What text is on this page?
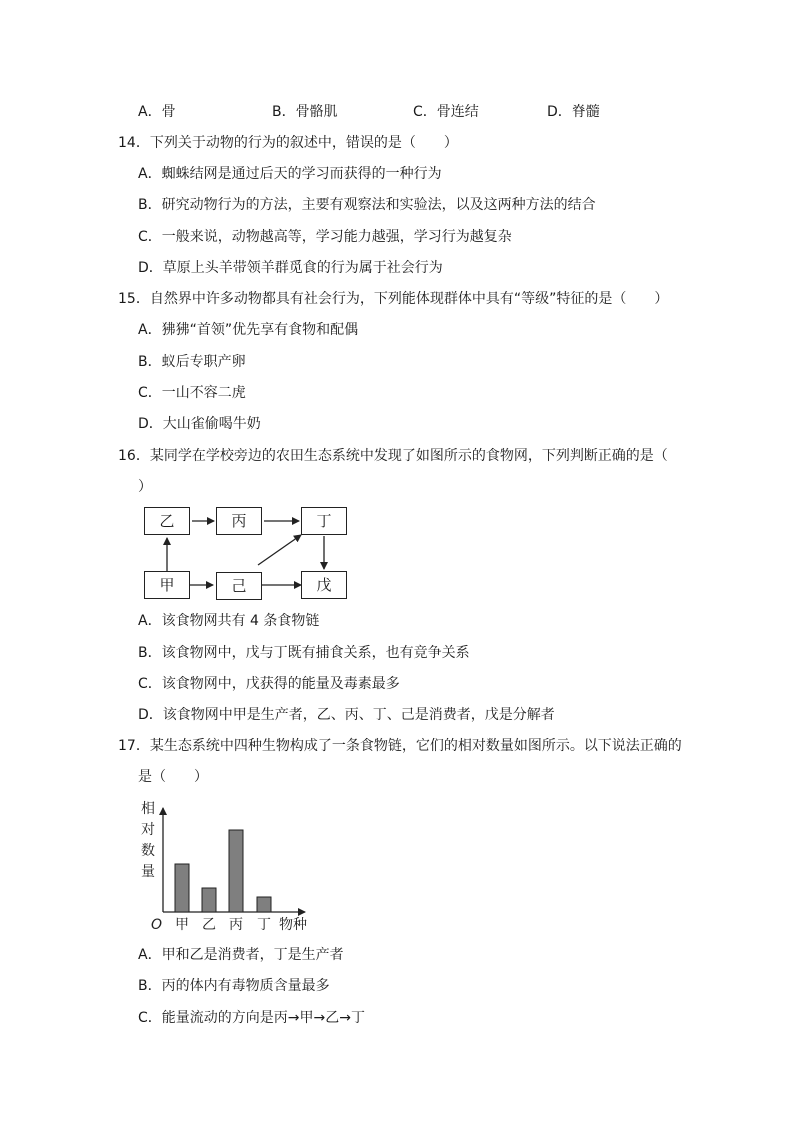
A．骨	B．骨骼肌	C．骨连结	D．脊髓
14．下列关于动物的行为的叙述中，错误的是（　　）
A．蜘蛛结网是通过后天的学习而获得的一种行为
B．研究动物行为的方法，主要有观察法和实验法，以及这两种方法的结合
C．一般来说，动物越高等，学习能力越强，学习行为越复杂
D．草原上头羊带领羊群觅食的行为属于社会行为
15．自然界中许多动物都具有社会行为，下列能体现群体中具有“等级”特征的是（　　）
A．狒狒“首领”优先享有食物和配偶
B．蚁后专职产卵
C．一山不容二虎
D．大山雀偷喝牛奶
16．某同学在学校旁边的农田生态系统中发现了如图所示的食物网，下列判断正确的是（
）
乙	丙	丁
甲	己	戊
A．该食物网共有 4 条食物链
B．该食物网中，戊与丁既有捕食关系，也有竞争关系
C．该食物网中，戊获得的能量及毒素最多
D．该食物网中甲是生产者，乙、丙、丁、己是消费者，戊是分解者
17．某生态系统中四种生物构成了一条食物链，它们的相对数量如图所示。以下说法正确的
是（　　）
甲 乙 丙 丁
O	物种
相
对
数
量
A．甲和乙是消费者，丁是生产者
B．丙的体内有毒物质含量最多
C．能量流动的方向是丙→甲→乙→丁
